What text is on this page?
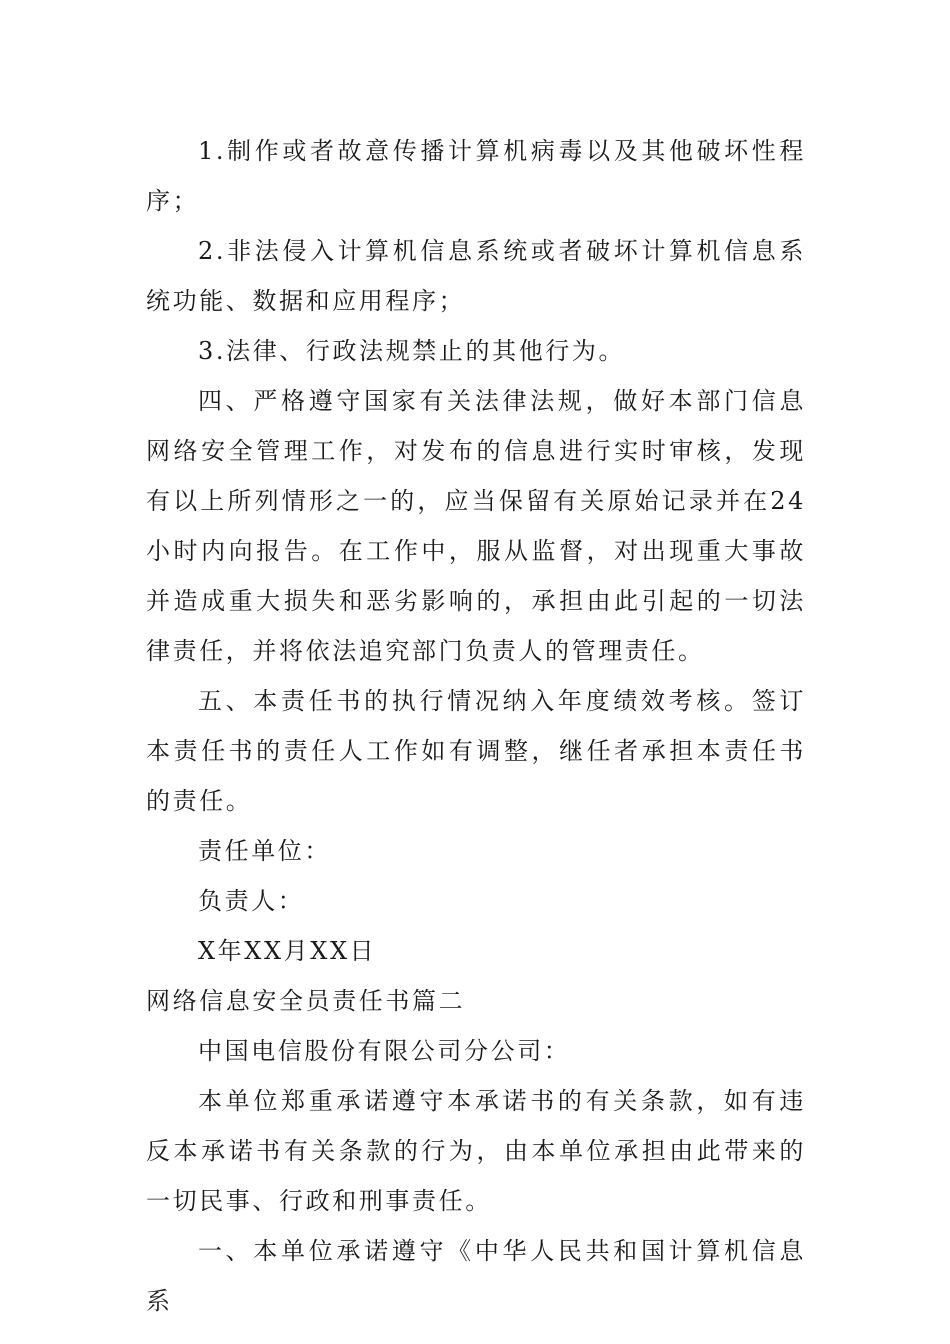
1.制作或者故意传播计算机病毒以及其他破坏性程序；

2.非法侵入计算机信息系统或者破坏计算机信息系统功能、数据和应用程序；

3.法律、行政法规禁止的其他行为。

四、严格遵守国家有关法律法规，做好本部门信息网络安全管理工作，对发布的信息进行实时审核，发现有以上所列情形之一的，应当保留有关原始记录并在24小时内向报告。在工作中，服从监督，对出现重大事故并造成重大损失和恶劣影响的，承担由此引起的一切法律责任，并将依法追究部门负责人的管理责任。

五、本责任书的执行情况纳入年度绩效考核。签订本责任书的责任人工作如有调整，继任者承担本责任书的责任。

责任单位：

负责人：

X年XX月XX日

网络信息安全员责任书篇二

中国电信股份有限公司分公司：

本单位郑重承诺遵守本承诺书的有关条款，如有违反本承诺书有关条款的行为，由本单位承担由此带来的一切民事、行政和刑事责任。

一、本单位承诺遵守《中华人民共和国计算机信息系
